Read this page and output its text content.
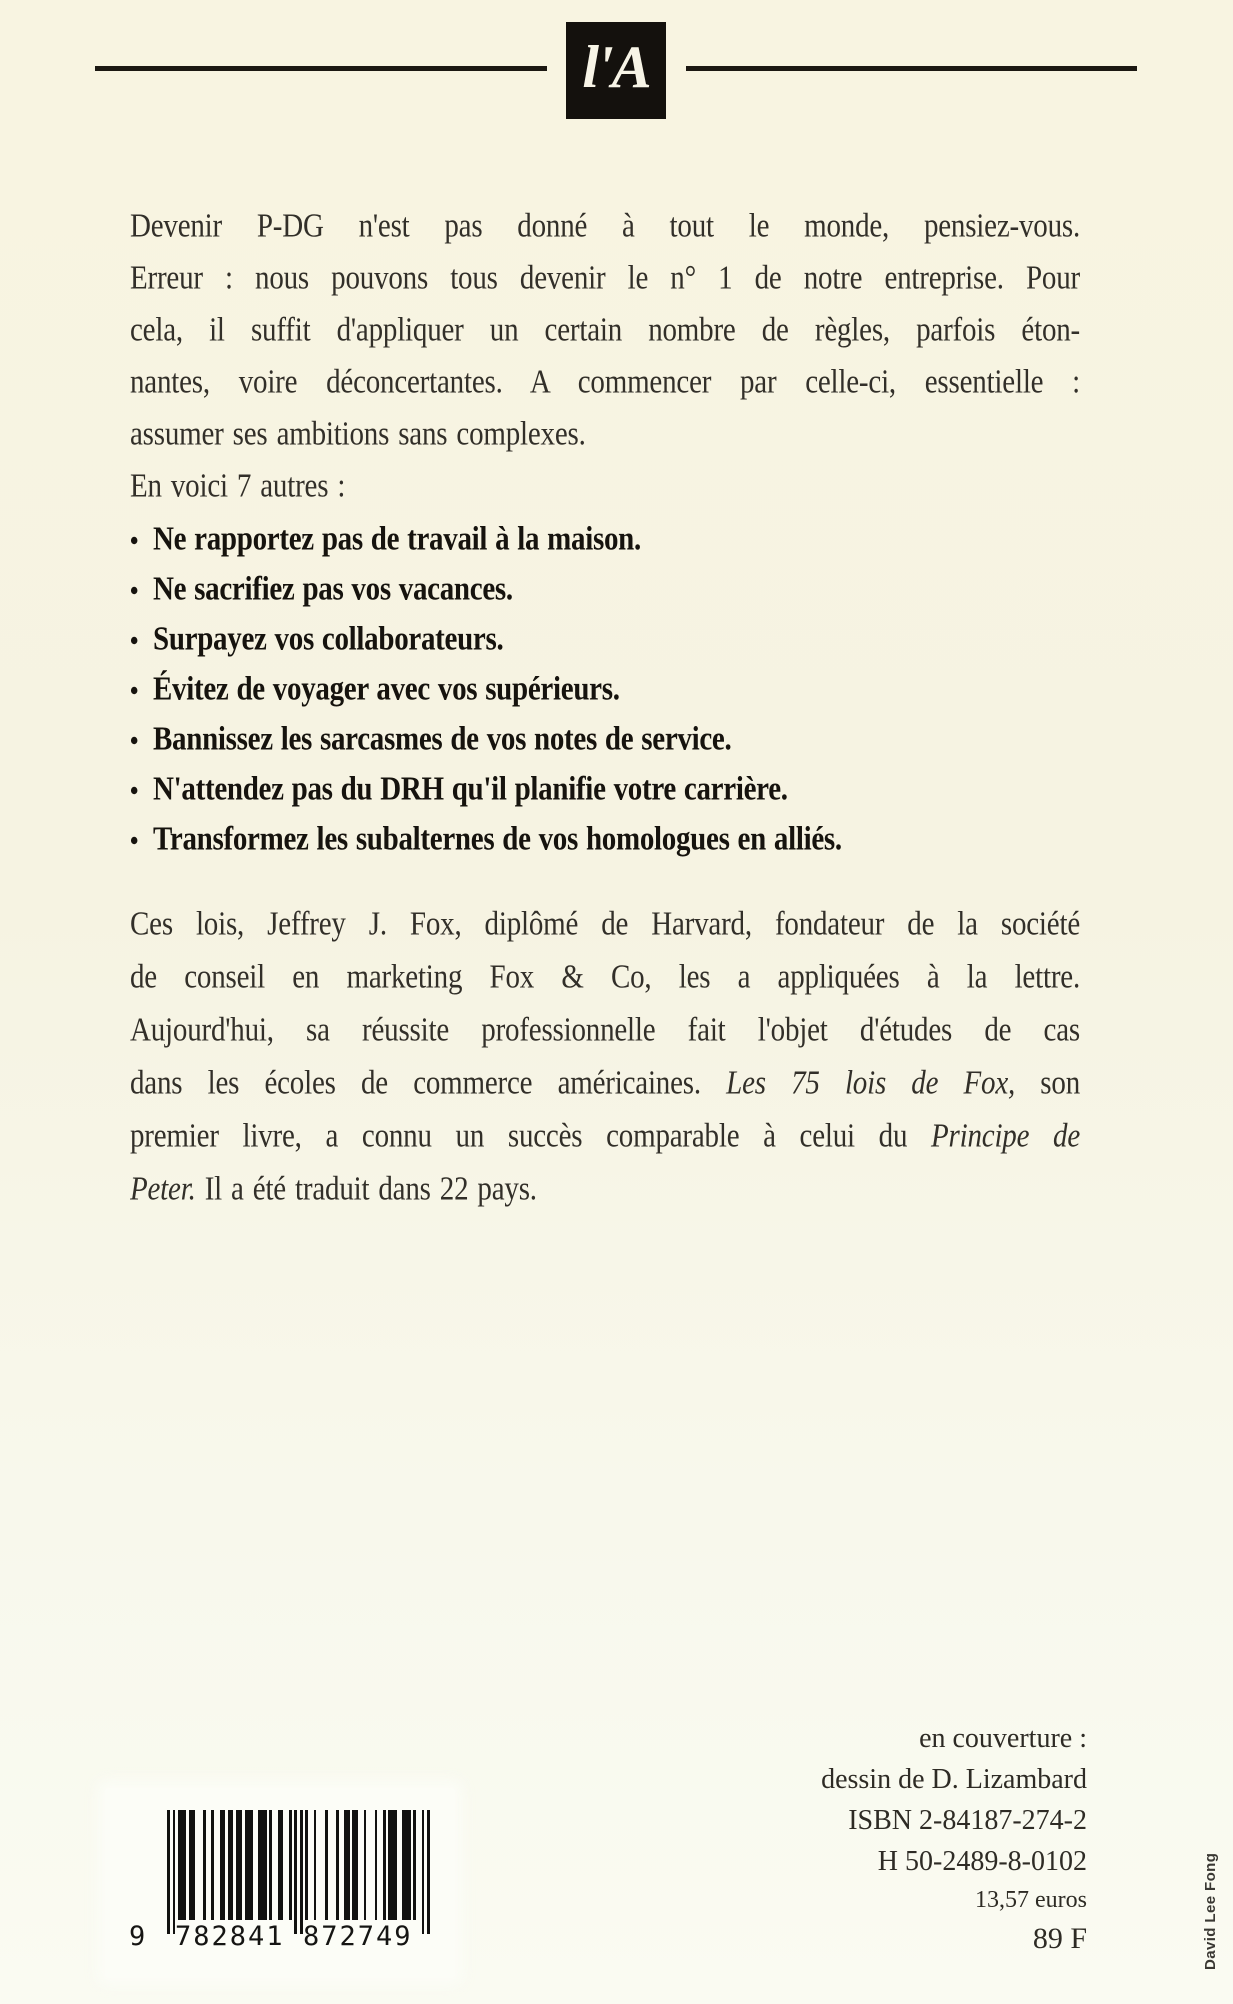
l'A
Devenir P-DG n'est pas donné à tout le monde, pensiez-vous.
Erreur : nous pouvons tous devenir le n° 1 de notre entreprise. Pour
cela, il suffit d'appliquer un certain nombre de règles, parfois éton-
nantes, voire déconcertantes. A commencer par celle-ci, essentielle :
assumer ses ambitions sans complexes.
En voici 7 autres :
• Ne rapportez pas de travail à la maison.
• Ne sacrifiez pas vos vacances.
• Surpayez vos collaborateurs.
• Évitez de voyager avec vos supérieurs.
• Bannissez les sarcasmes de vos notes de service.
• N'attendez pas du DRH qu'il planifie votre carrière.
• Transformez les subalternes de vos homologues en alliés.
Ces lois, Jeffrey J. Fox, diplômé de Harvard, fondateur de la société
de conseil en marketing Fox & Co, les a appliquées à la lettre.
Aujourd'hui, sa réussite professionnelle fait l'objet d'études de cas
dans les écoles de commerce américaines. Les 75 lois de Fox, son
premier livre, a connu un succès comparable à celui du Principe de
Peter. Il a été traduit dans 22 pays.
en couverture :
dessin de D. Lizambard
ISBN 2-84187-274-2
H 50-2489-8-0102
13,57 euros
89 F
9 782841 872749	David Lee Fong
